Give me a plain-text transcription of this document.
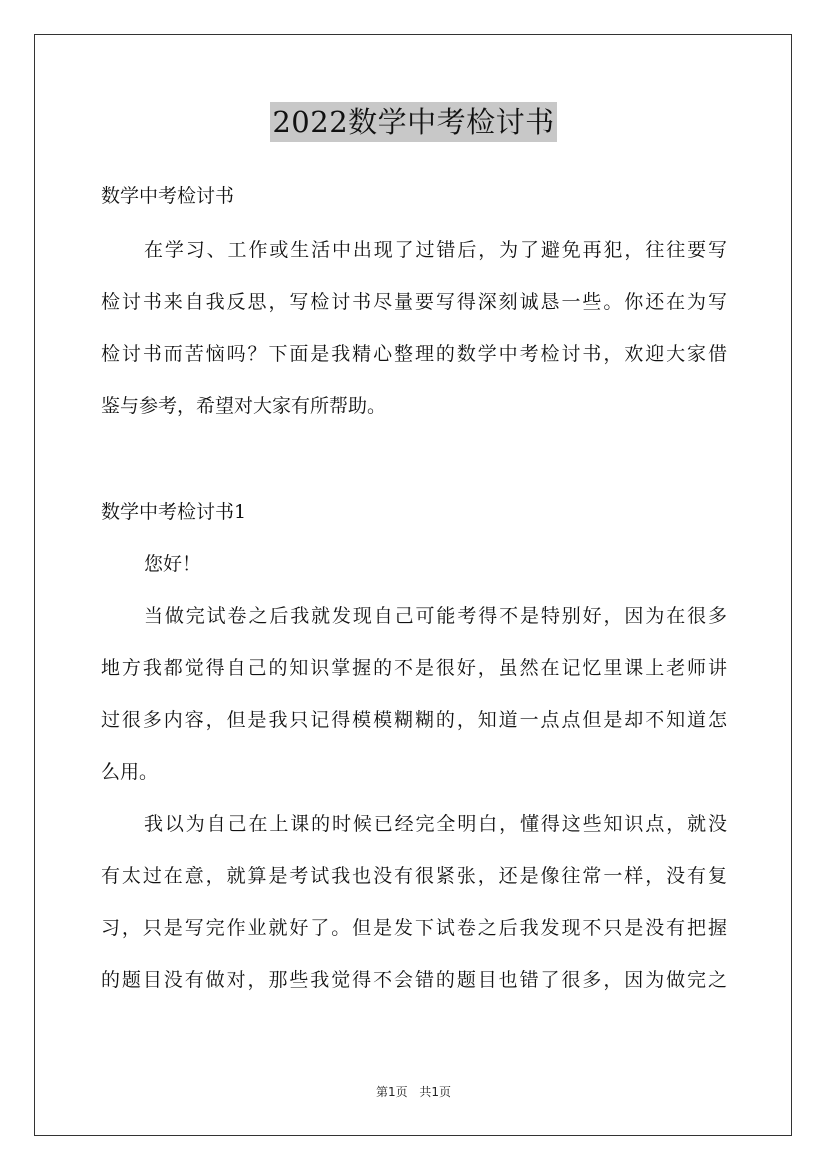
2022数学中考检讨书
数学中考检讨书
在学习、工作或生活中出现了过错后，为了避免再犯，往往要写
检讨书来自我反思，写检讨书尽量要写得深刻诚恳一些。你还在为写
检讨书而苦恼吗？下面是我精心整理的数学中考检讨书，欢迎大家借
鉴与参考，希望对大家有所帮助。
数学中考检讨书1
您好！
当做完试卷之后我就发现自己可能考得不是特别好，因为在很多
地方我都觉得自己的知识掌握的不是很好，虽然在记忆里课上老师讲
过很多内容，但是我只记得模模糊糊的，知道一点点但是却不知道怎
么用。
我以为自己在上课的时候已经完全明白，懂得这些知识点，就没
有太过在意，就算是考试我也没有很紧张，还是像往常一样，没有复
习，只是写完作业就好了。但是发下试卷之后我发现不只是没有把握
的题目没有做对，那些我觉得不会错的题目也错了很多，因为做完之
第1页 共1页
